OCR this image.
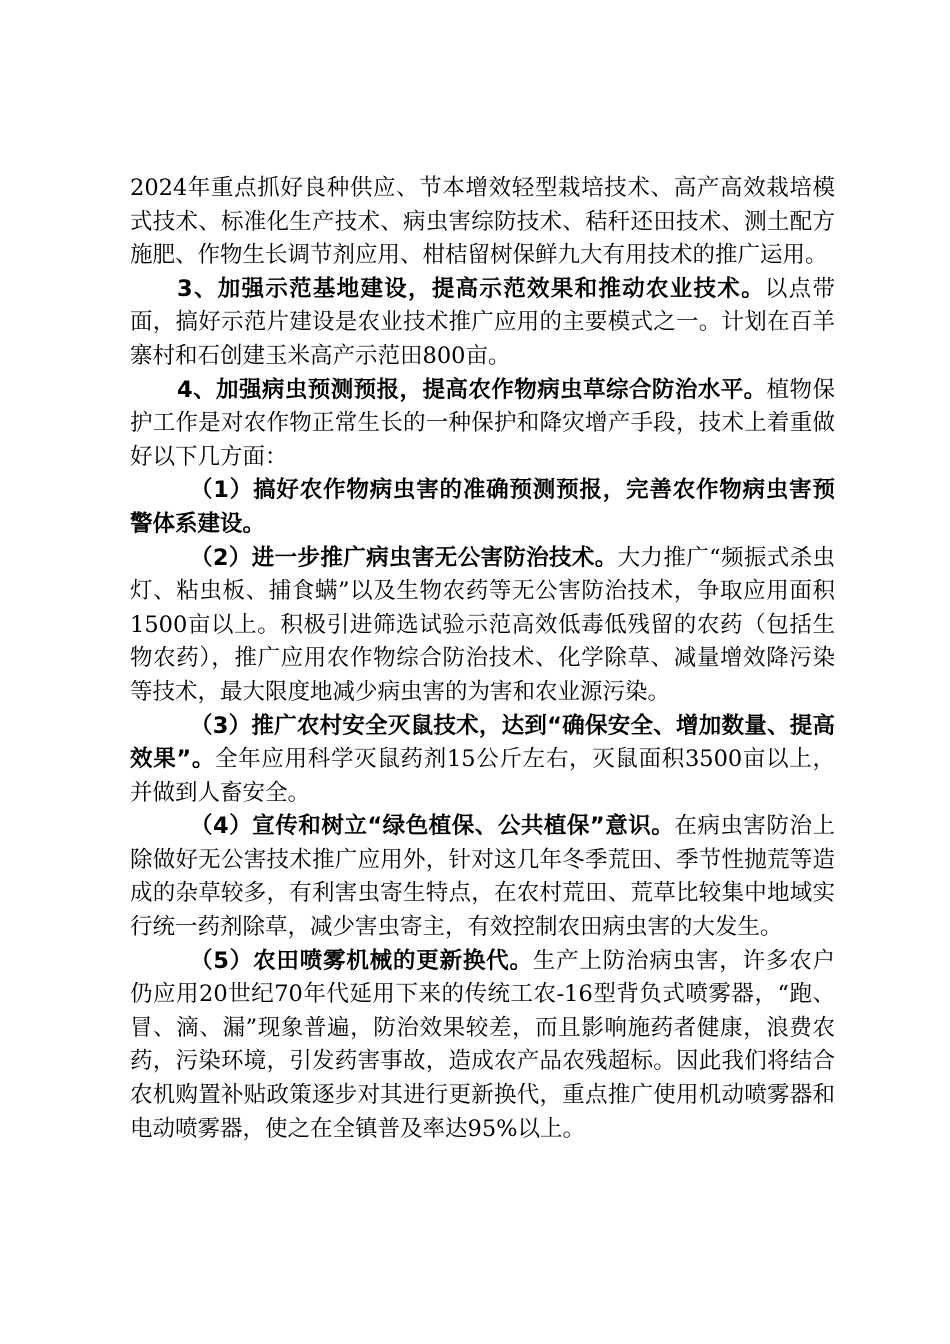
2024年重点抓好良种供应、节本增效轻型栽培技术、高产高效栽培模式技术、标准化生产技术、病虫害综防技术、秸秆还田技术、测土配方施肥、作物生长调节剂应用、柑桔留树保鲜九大有用技术的推广运用。

3、加强示范基地建设，提高示范效果和推动农业技术。以点带面，搞好示范片建设是农业技术推广应用的主要模式之一。计划在百羊寨村和石创建玉米高产示范田800亩。

4、加强病虫预测预报，提高农作物病虫草综合防治水平。植物保护工作是对农作物正常生长的一种保护和降灾增产手段，技术上着重做好以下几方面：

（1）搞好农作物病虫害的准确预测预报，完善农作物病虫害预警体系建设。

（2）进一步推广病虫害无公害防治技术。大力推广“频振式杀虫灯、粘虫板、捕食螨”以及生物农药等无公害防治技术，争取应用面积1500亩以上。积极引进筛选试验示范高效低毒低残留的农药（包括生物农药），推广应用农作物综合防治技术、化学除草、减量增效降污染等技术，最大限度地减少病虫害的为害和农业源污染。

（3）推广农村安全灭鼠技术，达到“确保安全、增加数量、提高效果”。全年应用科学灭鼠药剂15公斤左右，灭鼠面积3500亩以上，并做到人畜安全。

（4）宣传和树立“绿色植保、公共植保”意识。在病虫害防治上除做好无公害技术推广应用外，针对这几年冬季荒田、季节性抛荒等造成的杂草较多，有利害虫寄生特点，在农村荒田、荒草比较集中地域实行统一药剂除草，减少害虫寄主，有效控制农田病虫害的大发生。

（5）农田喷雾机械的更新换代。生产上防治病虫害，许多农户仍应用20世纪70年代延用下来的传统工农-16型背负式喷雾器，“跑、冒、滴、漏”现象普遍，防治效果较差，而且影响施药者健康，浪费农药，污染环境，引发药害事故，造成农产品农残超标。因此我们将结合农机购置补贴政策逐步对其进行更新换代，重点推广使用机动喷雾器和电动喷雾器，使之在全镇普及率达95%以上。
